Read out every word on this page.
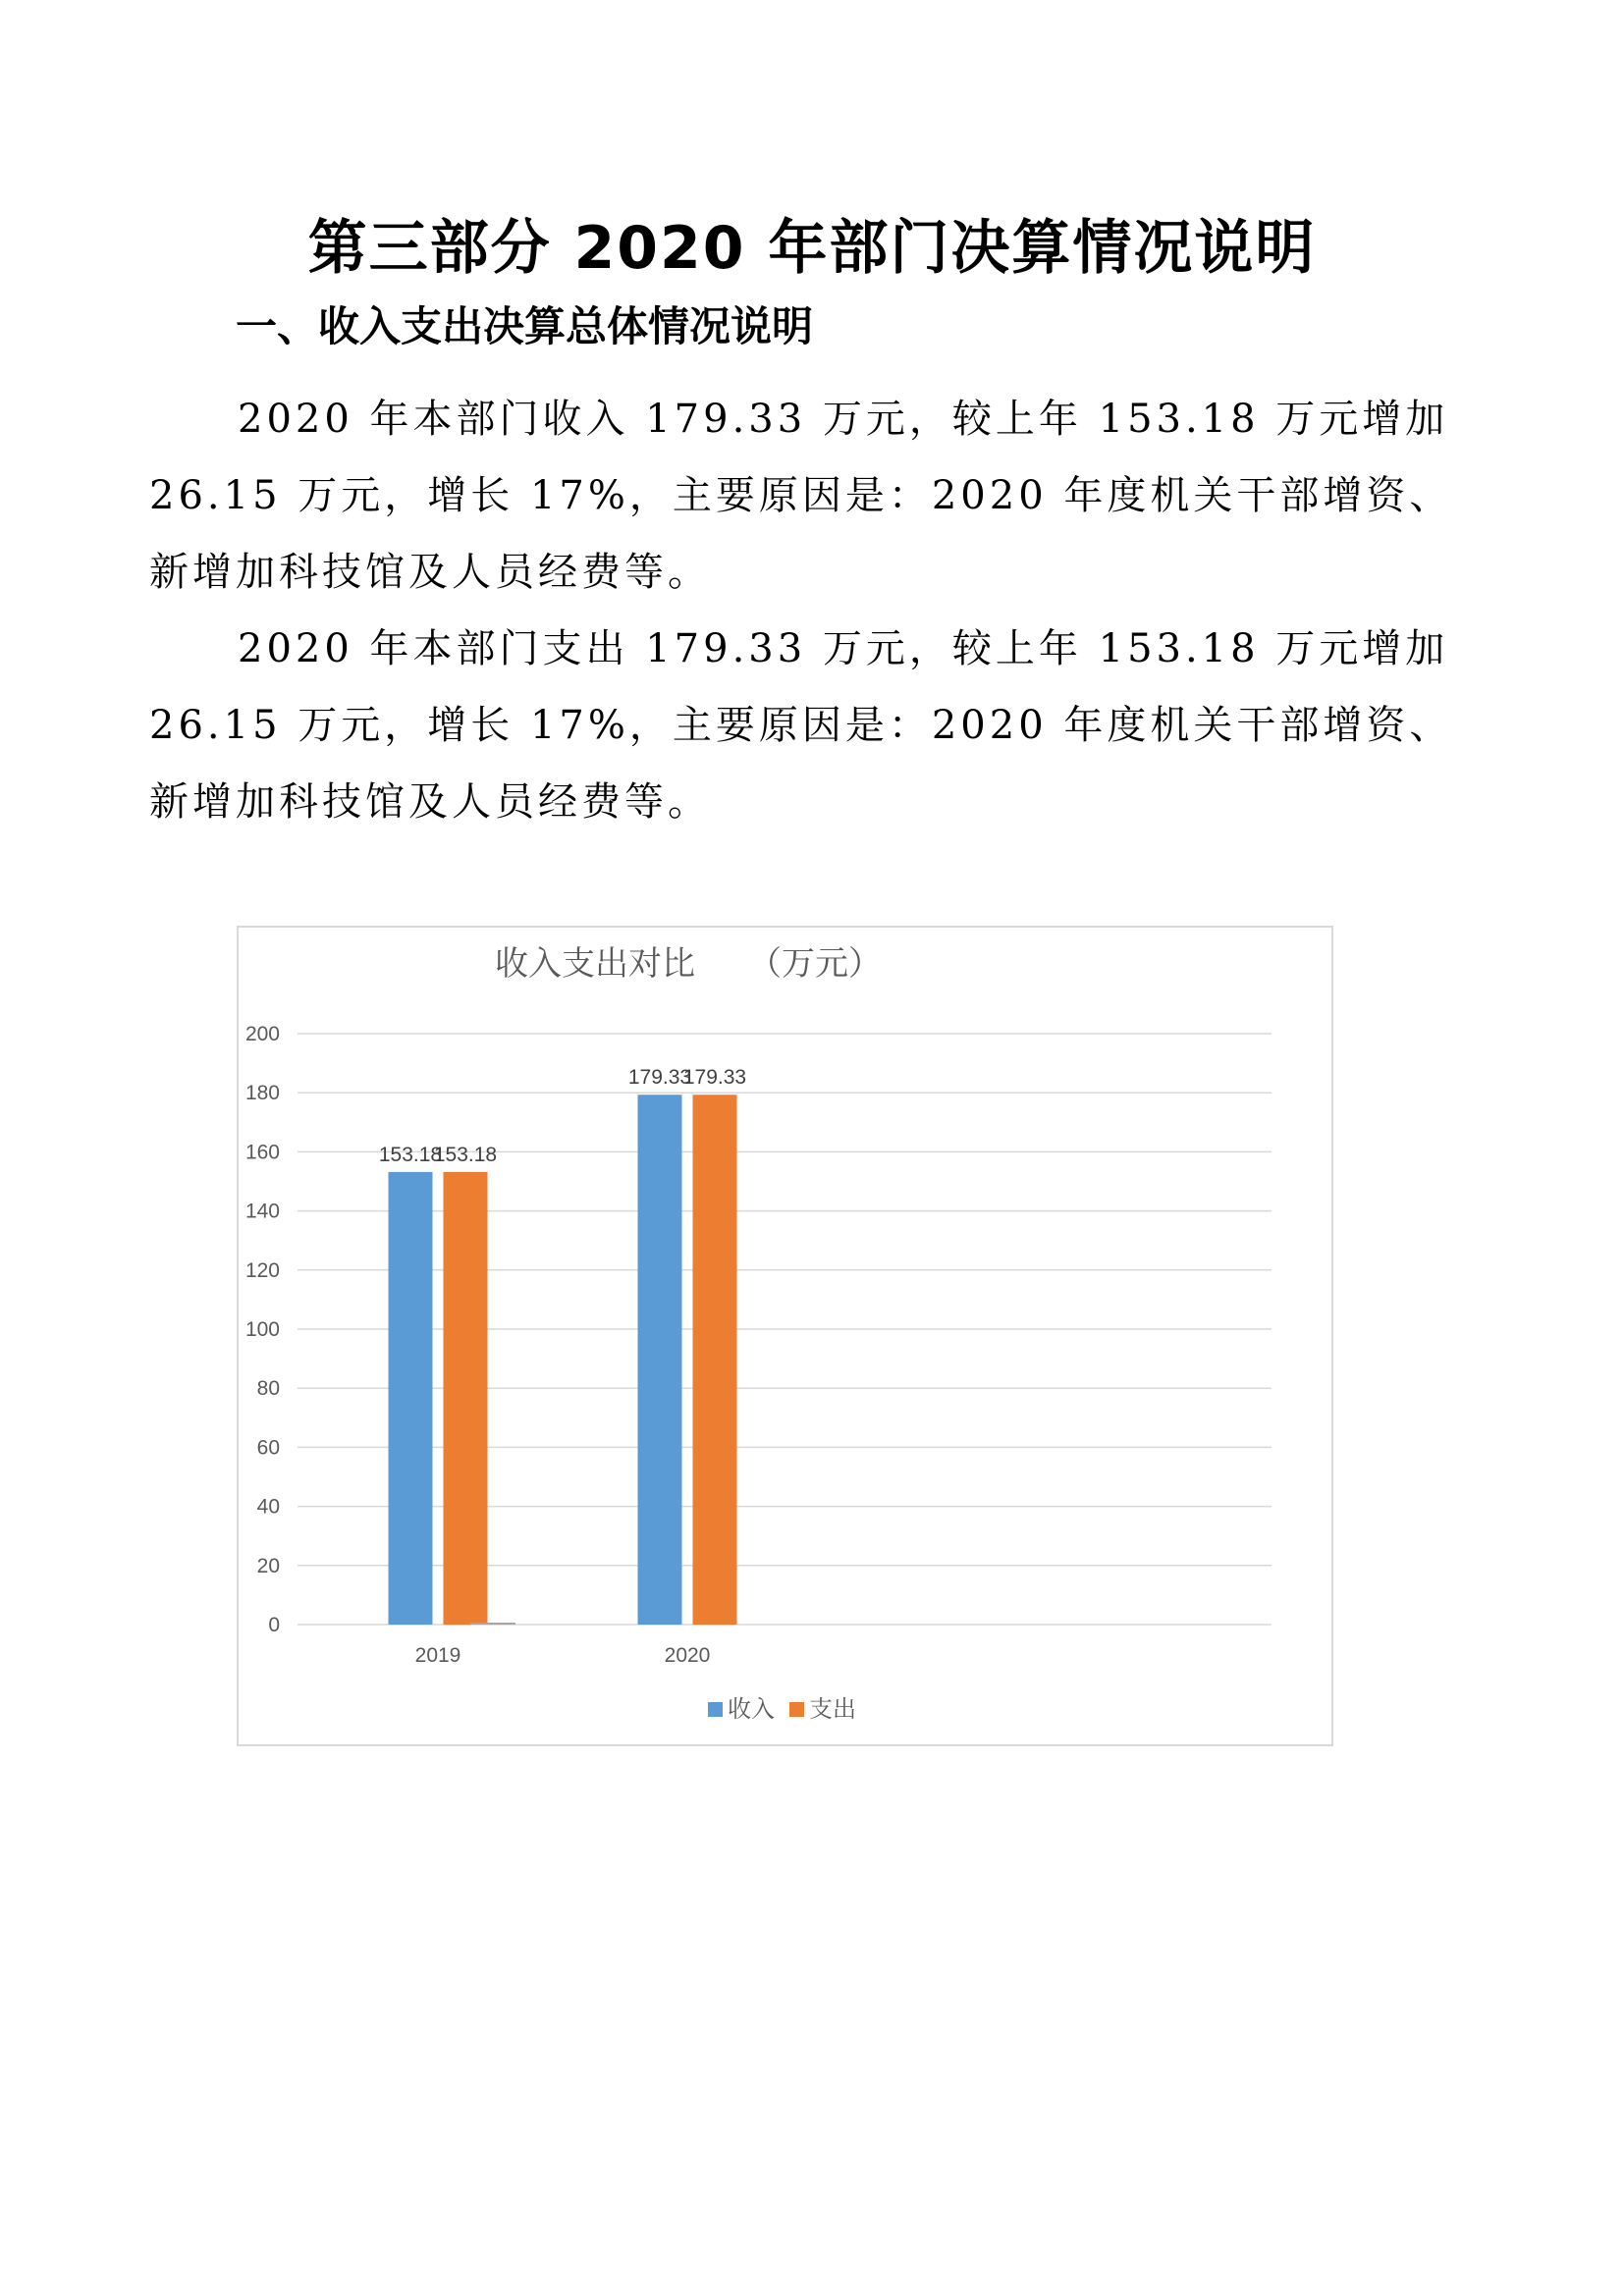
第三部分 2020 年部门决算情况说明
一、收入支出决算总体情况说明
2020 年本部门收入 179.33 万元，较上年 153.18 万元增加 26.15 万元，增长 17%，主要原因是：2020 年度机关干部增资、新增加科技馆及人员经费等。
2020 年本部门支出 179.33 万元，较上年 153.18 万元增加 26.15 万元，增长 17%，主要原因是：2020 年度机关干部增资、新增加科技馆及人员经费等。
收入支出对比     （万元）
0
20
40
60
80
100
120
140
160
180
200
153.18
153.18
179.33
179.33
2019	2020
收入 支出
